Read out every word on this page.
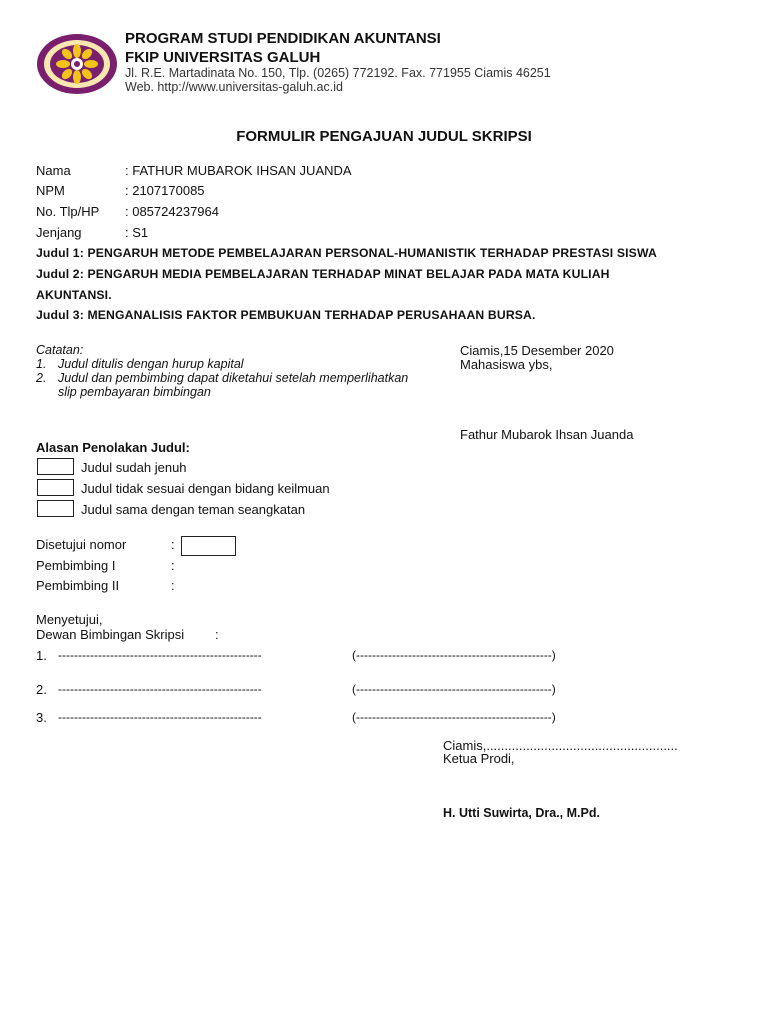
PROGRAM STUDI PENDIDIKAN AKUNTANSI
FKIP UNIVERSITAS GALUH
Jl. R.E. Martadinata No. 150, Tlp. (0265) 772192. Fax. 771955 Ciamis 46251
Web. http://www.universitas-galuh.ac.id
FORMULIR PENGAJUAN JUDUL SKRIPSI
Nama	: FATHUR MUBAROK IHSAN JUANDA
NPM	: 2107170085
No. Tlp/HP : 085724237964
Jenjang	: S1
Judul 1: PENGARUH METODE PEMBELAJARAN PERSONAL-HUMANISTIK TERHADAP PRESTASI SISWA
Judul 2: PENGARUH MEDIA PEMBELAJARAN TERHADAP MINAT BELAJAR PADA MATA KULIAH
AKUNTANSI.
Judul 3: MENGANALISIS FAKTOR PEMBUKUAN TERHADAP PERUSAHAAN BURSA.
Catatan:
1. Judul ditulis dengan hurup kapital
2. Judul dan pembimbing dapat diketahui setelah memperlihatkan
slip pembayaran bimbingan
Ciamis,15 Desember 2020
Mahasiswa ybs,
Fathur Mubarok Ihsan Juanda
Alasan Penolakan Judul:
Judul sudah jenuh
Judul tidak sesuai dengan bidang keilmuan
Judul sama dengan teman seangkatan
Disetujui nomor	:
Pembimbing I	:
Pembimbing II	:
Menyetujui,
Dewan Bimbingan Skripsi :
1. ---------------------------------------------------	(-------------------------------------------------)
2. ---------------------------------------------------	(-------------------------------------------------)
3. ---------------------------------------------------	(-------------------------------------------------)
Ciamis,.....................................................
Ketua Prodi,
H. Utti Suwirta, Dra., M.Pd.
